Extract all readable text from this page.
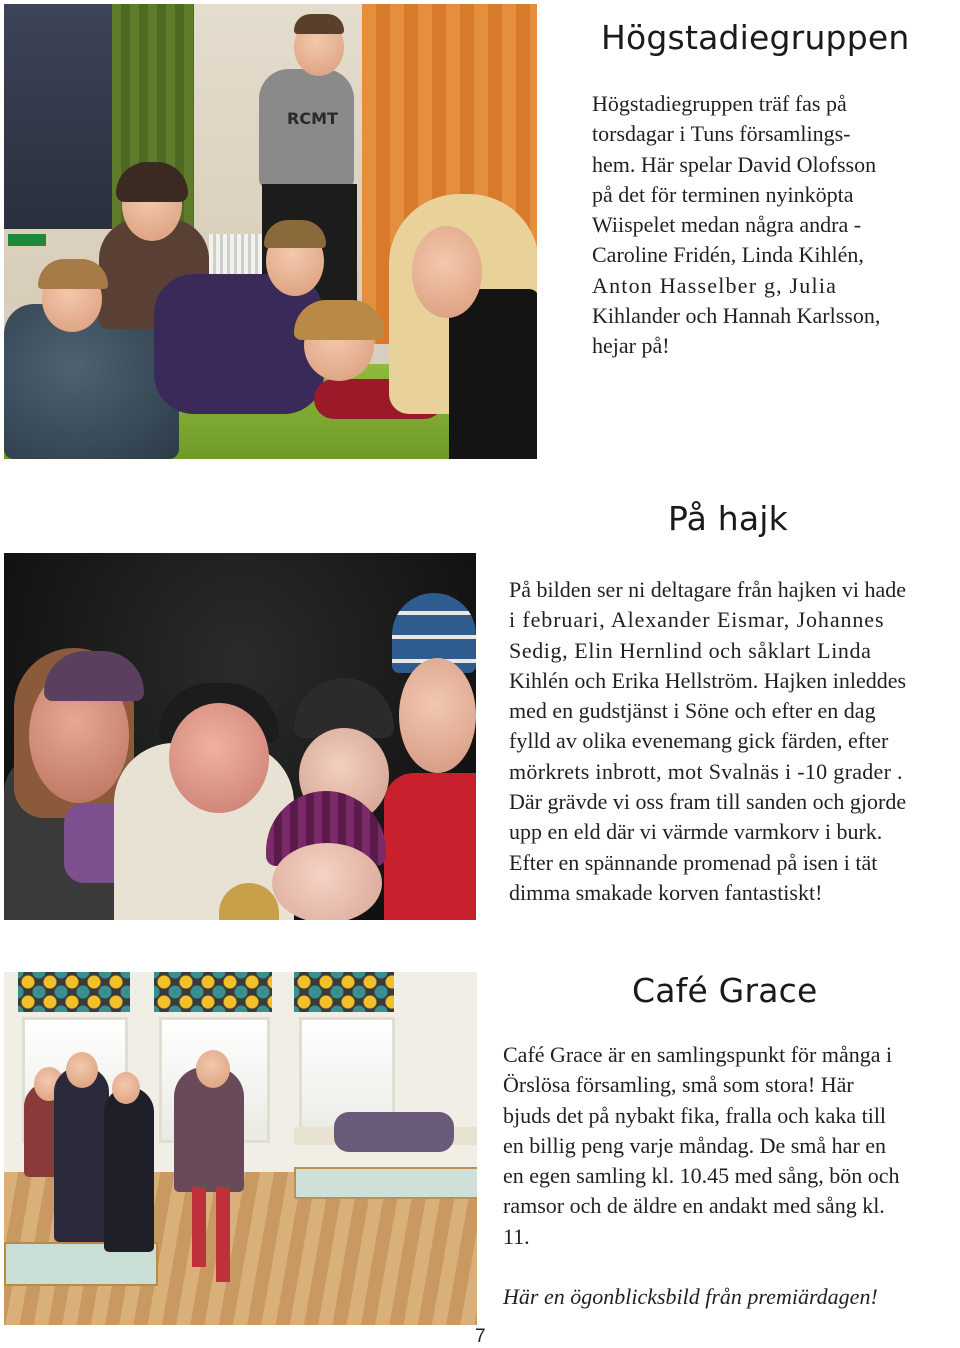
RCMT
Högstadiegruppen
Högstadiegruppen träf fas på
torsdagar i Tuns församlings-
hem. Här spelar David Olofsson
på det för terminen nyinköpta
Wiispelet medan några andra -
Caroline Fridén, Linda Kihlén,
Anton Hasselber g, Julia
Kihlander och Hannah Karlsson,
hejar på!
På hajk
På bilden ser ni deltagare från hajken vi hade
i februari, Alexander Eismar, Johannes
Sedig, Elin Hernlind och såklart Linda
Kihlén och Erika Hellström. Hajken inleddes
med en gudstjänst i Söne och efter en dag
fylld av olika evenemang gick färden, efter
mörkrets inbrott, mot Svalnäs i -10 grader .
Där grävde vi oss fram till sanden och gjorde
upp en eld där vi värmde varmkorv i burk.
Efter en spännande promenad på isen i tät
dimma smakade korven fantastiskt!
Café Grace
Café Grace är en samlingspunkt för många i
Örslösa församling, små som stora! Här
bjuds det på nybakt fika, fralla och kaka till
en billig peng varje måndag. De små har en
en egen samling kl. 10.45 med sång, bön och
ramsor och de äldre en andakt med sång kl.
11.
Här en ögonblicksbild från premiärdagen!
7
